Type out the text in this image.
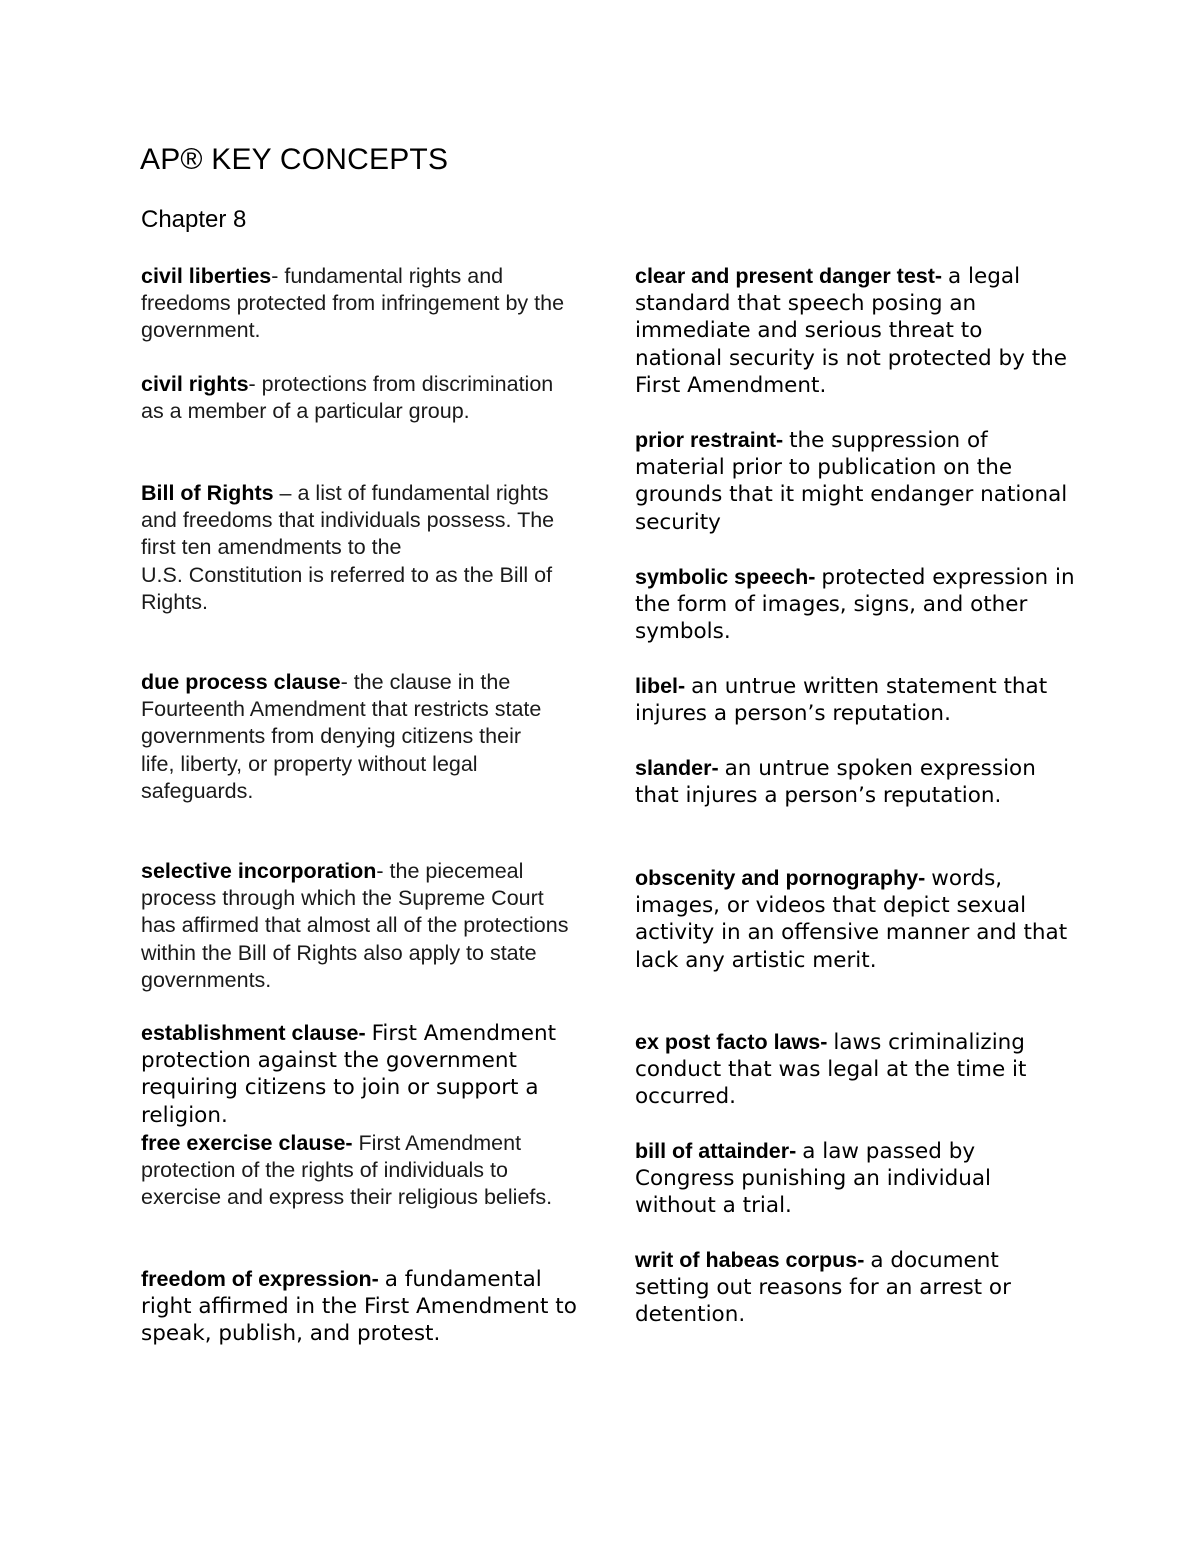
AP® KEY CONCEPTS
Chapter 8

civil liberties- fundamental rights and freedoms protected from infringement by the government.

civil rights- protections from discrimination as a member of a particular group.

Bill of Rights – a list of fundamental rights and freedoms that individuals possess. The first ten amendments to the
U.S. Constitution is referred to as the Bill of Rights.

due process clause- the clause in the Fourteenth Amendment that restricts state governments from denying citizens their
life, liberty, or property without legal safeguards.

selective incorporation- the piecemeal process through which the Supreme Court has affirmed that almost all of the protections within the Bill of Rights also apply to state governments.

establishment clause- First Amendment protection against the government requiring citizens to join or support a religion.

free exercise clause- First Amendment protection of the rights of individuals to exercise and express their religious beliefs.

freedom of expression- a fundamental right affirmed in the First Amendment to speak, publish, and protest.

clear and present danger test- a legal standard that speech posing an immediate and serious threat to national security is not protected by the First Amendment.

prior restraint- the suppression of material prior to publication on the grounds that it might endanger national security

symbolic speech- protected expression in the form of images, signs, and other symbols.

libel- an untrue written statement that injures a person’s reputation.

slander- an untrue spoken expression that injures a person’s reputation.

obscenity and pornography- words, images, or videos that depict sexual activity in an offensive manner and that lack any artistic merit.

ex post facto laws- laws criminalizing conduct that was legal at the time it occurred.

bill of attainder- a law passed by Congress punishing an individual without a trial.

writ of habeas corpus- a document setting out reasons for an arrest or detention.
